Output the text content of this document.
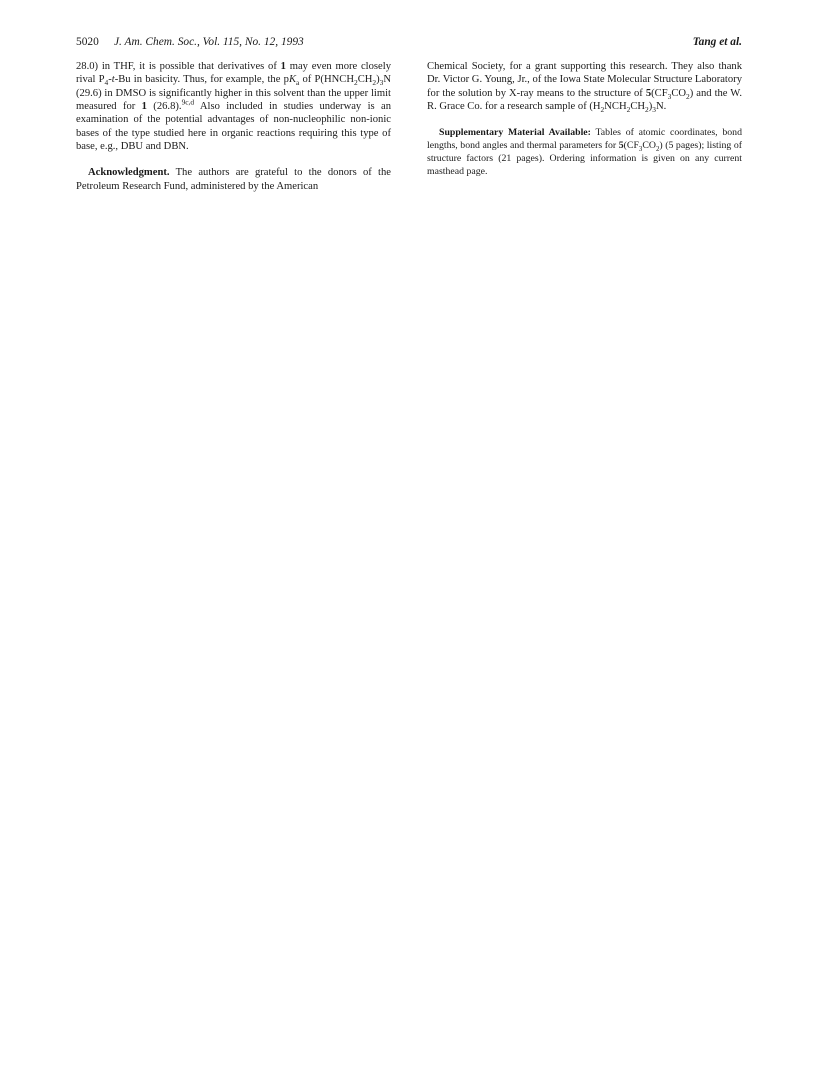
5020 J. Am. Chem. Soc., Vol. 115, No. 12, 1993	Tang et al.

28.0) in THF, it is possible that derivatives of 1 may even more closely rival $P_4-t-Bu$ in basicity. Thus, for example, the $pK_a$ of $P(HNCH_2CH_2)_3N$ (29.6) in DMSO is significantly higher in this solvent than the upper limit measured for 1 (26.8).$^{9c,d}$ Also included in studies underway is an examination of the potential advantages of non-nucleophilic non-ionic bases of the type studied here in organic reactions requiring this type of base, e.g., DBU and DBN.

Acknowledgment. The authors are grateful to the donors of the Petroleum Research Fund, administered by the American

Chemical Society, for a grant supporting this research. They also thank Dr. Victor G. Young, Jr., of the Iowa State Molecular Structure Laboratory for the solution by X-ray means to the structure of $5(CF_3CO_2)$ and the W. R. Grace Co. for a research sample of $(H_2NCH_2CH_2)_3N$.

Supplementary Material Available: Tables of atomic coordinates, bond lengths, bond angles and thermal parameters for $5(CF_3CO_2)$ (5 pages); listing of structure factors (21 pages). Ordering information is given on any current masthead page.
